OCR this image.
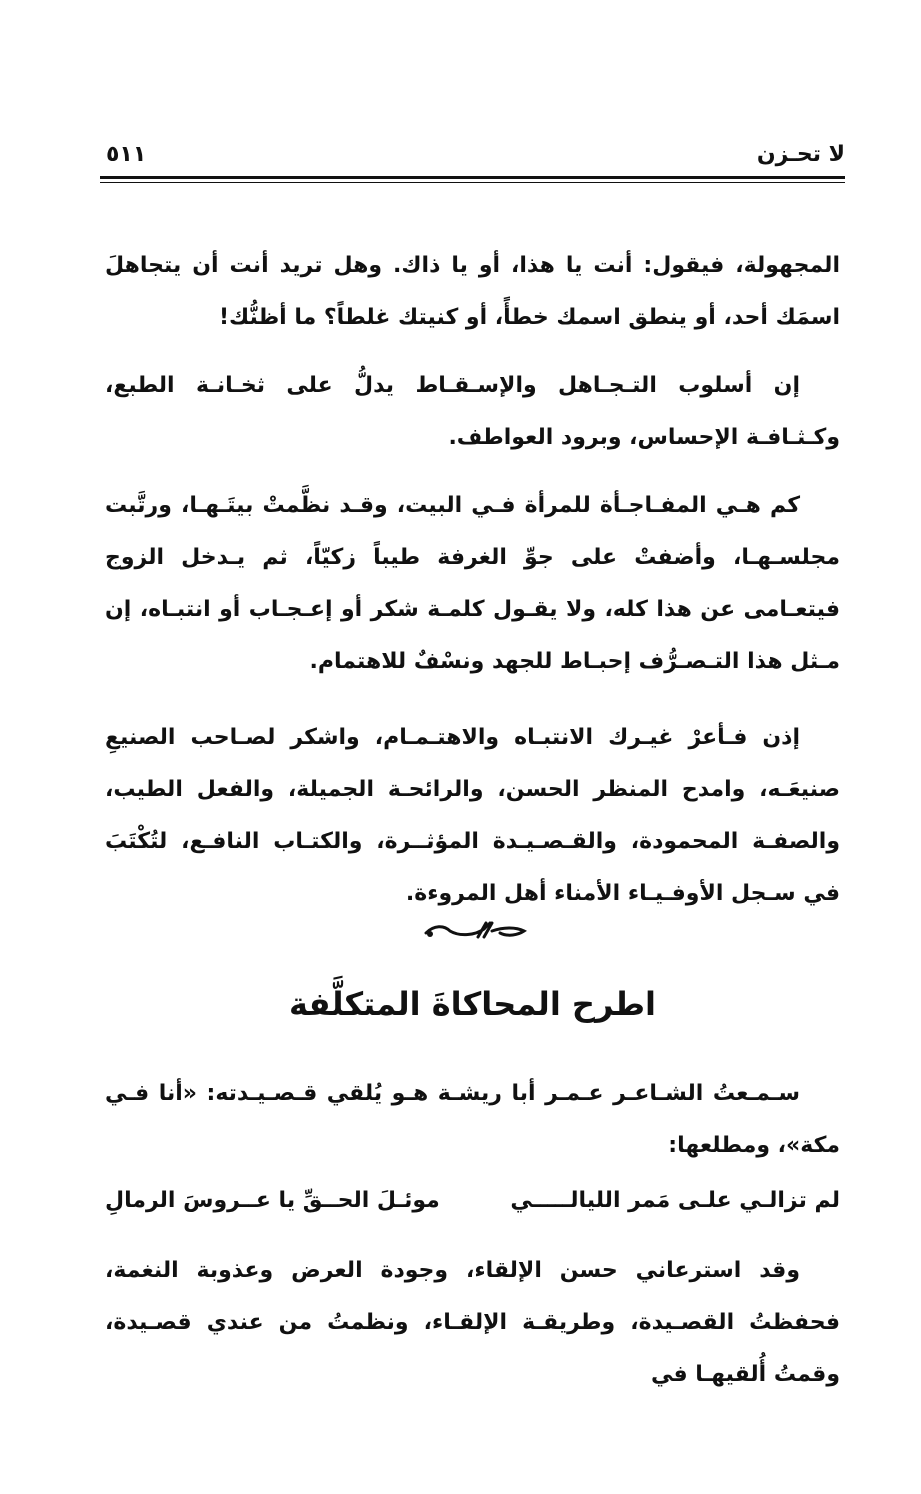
لا تحـزن
٥١١

المجهولة، فيقول: أنت يا هذا، أو يا ذاك. وهل تريد أنت أن يتجاهلَ اسمَك أحد، أو ينطق اسمك خطأً، أو كنيتك غلطاً؟ ما أظنُّك!

إن أسلوب التـجـاهل والإسـقـاط يدلُّ على ثخـانـة الطبع، وكـثـافـة الإحساس، وبرود العواطف.

كم هـي المفـاجـأة للمرأة فـي البيت، وقـد نظَّمتْ بيتَـهـا، ورتَّبت مجلسـهـا، وأضفتْ على جوِّ الغرفة طيباً زكيّاً، ثم يـدخل الزوج فيتعـامى عن هذا كله، ولا يقـول كلمـة شكر أو إعـجـاب أو انتبـاه، إن مـثل هذا التـصـرُّف إحبـاط للجهد ونسْفٌ للاهتمام.

إذن فـأعرْ غيـرك الانتبـاه والاهتـمـام، واشكر لصـاحب الصنيعِ صنيعَـه، وامدح المنظر الحسن، والرائحـة الجميلة، والفعل الطيب، والصفـة المحمودة، والقـصـيـدة المؤثــرة، والكتـاب النافـع، لتُكْتَبَ في سـجل الأوفـيـاء الأمناء أهل المروءة.

اطرح المحاكاةَ المتكلَّفة

سـمـعتُ الشـاعـر عـمـر أبا ريشـة هـو يُلقي قـصـيـدته: «أنا فـي مكة»، ومطلعها:

لم تزالـي علـى مَمر الليالـــــي
موئـلَ الحــقِّ يا عــروسَ الرمالِ

وقد استرعاني حسن الإلقاء، وجودة العرض وعذوبة النغمة، فحفظتُ القصـيدة، وطريقـة الإلقـاء، ونظمتُ من عندي قصـيدة، وقمتُ أُلقيهـا في
